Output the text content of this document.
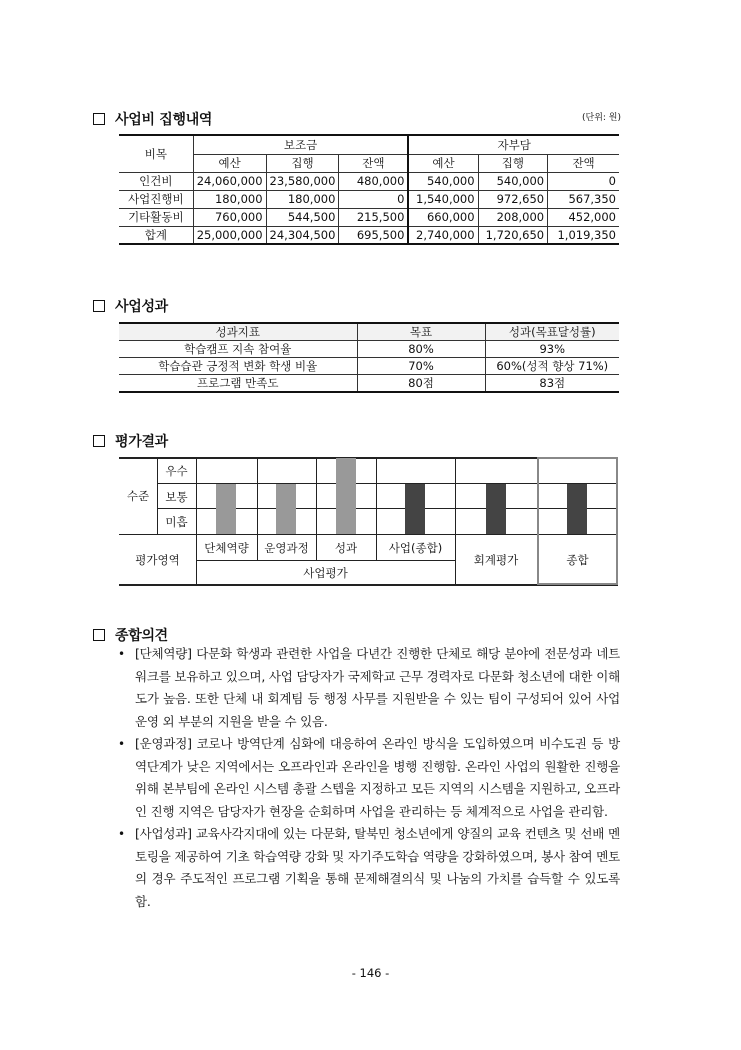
사업비 집행내역	(단위: 원)
비목	보조금			자부담		
	예산	집행	잔액	예산	집행	잔액
인건비	24,060,000	23,580,000	480,000	540,000	540,000	0
사업진행비	180,000	180,000	0	1,540,000	972,650	567,350
기타활동비	760,000	544,500	215,500	660,000	208,000	452,000
합계	25,000,000	24,304,500	695,500	2,740,000	1,720,650	1,019,350
사업성과
성과지표	목표	성과(목표달성률)
학습캠프 지속 참여율	80%	93%
학습습관 긍정적 변화 학생 비율	70%	60%(성적 향상 71%)
프로그램 만족도	80점	83점
평가결과
수준
우수
보통
미흡
평가영역
단체역량	운영과정	성과	사업(종합)
회계평가	종합
사업평가
종합의견
• [단체역량] 다문화 학생과 관련한 사업을 다년간 진행한 단체로 해당 분야에 전문성과 네트워크를 보유하고 있으며, 사업 담당자가 국제학교 근무 경력자로 다문화 청소년에 대한 이해도가 높음. 또한 단체 내 회계팀 등 행정 사무를 지원받을 수 있는 팀이 구성되어 있어 사업 운영 외 부분의 지원을 받을 수 있음.
• [운영과정] 코로나 방역단계 심화에 대응하여 온라인 방식을 도입하였으며 비수도권 등 방역단계가 낮은 지역에서는 오프라인과 온라인을 병행 진행함. 온라인 사업의 원활한 진행을 위해 본부팀에 온라인 시스템 총괄 스텝을 지정하고 모든 지역의 시스템을 지원하고, 오프라인 진행 지역은 담당자가 현장을 순회하며 사업을 관리하는 등 체계적으로 사업을 관리함.
• [사업성과] 교육사각지대에 있는 다문화, 탈북민 청소년에게 양질의 교육 컨텐츠 및 선배 멘토링을 제공하여 기초 학습역량 강화 및 자기주도학습 역량을 강화하였으며, 봉사 참여 멘토의 경우 주도적인 프로그램 기획을 통해 문제해결의식 및 나눔의 가치를 습득할 수 있도록 함.
- 146 -
